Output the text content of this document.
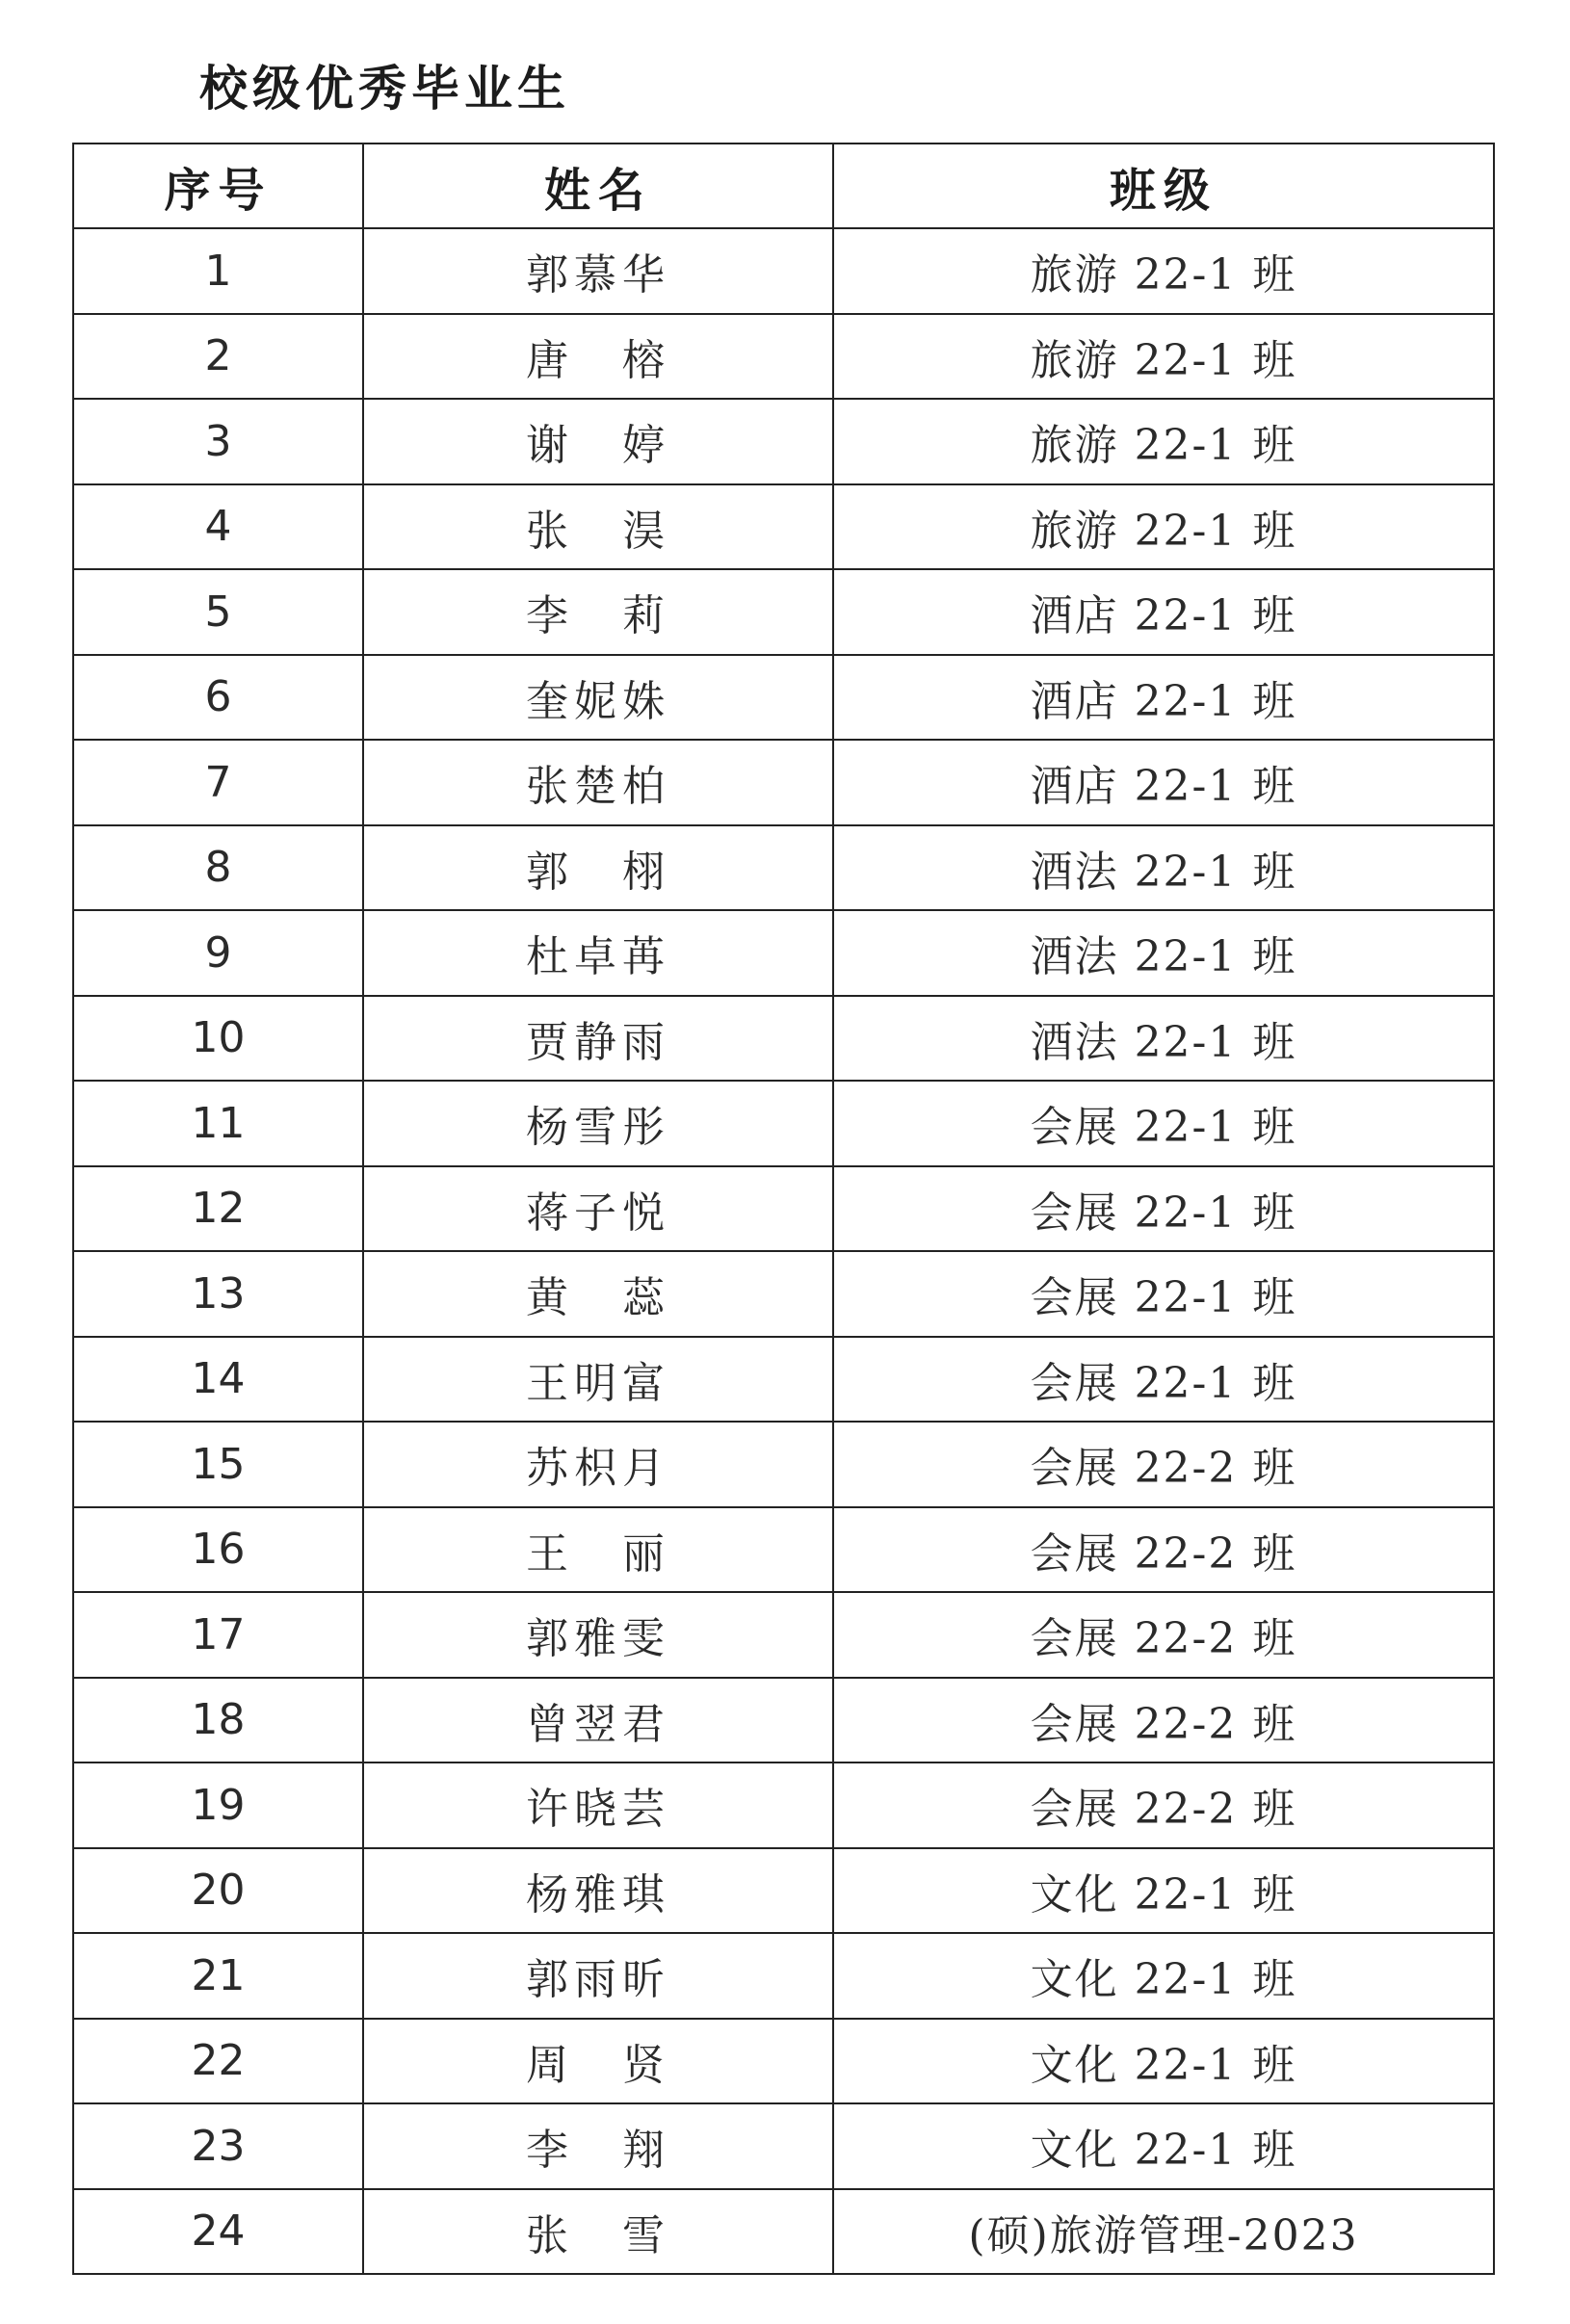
校级优秀毕业生
序号	姓名	班级
1	郭慕华	旅游 22-1 班
2	唐　榕	旅游 22-1 班
3	谢　婷	旅游 22-1 班
4	张　淏	旅游 22-1 班
5	李　莉	酒店 22-1 班
6	奎妮姝	酒店 22-1 班
7	张楚柏	酒店 22-1 班
8	郭　栩	酒法 22-1 班
9	杜卓苒	酒法 22-1 班
10	贾静雨	酒法 22-1 班
11	杨雪彤	会展 22-1 班
12	蒋子悦	会展 22-1 班
13	黄　蕊	会展 22-1 班
14	王明富	会展 22-1 班
15	苏枳月	会展 22-2 班
16	王　丽	会展 22-2 班
17	郭雅雯	会展 22-2 班
18	曾翌君	会展 22-2 班
19	许晓芸	会展 22-2 班
20	杨雅琪	文化 22-1 班
21	郭雨昕	文化 22-1 班
22	周　贤	文化 22-1 班
23	李　翔	文化 22-1 班
24	张　雪	(硕)旅游管理-2023
